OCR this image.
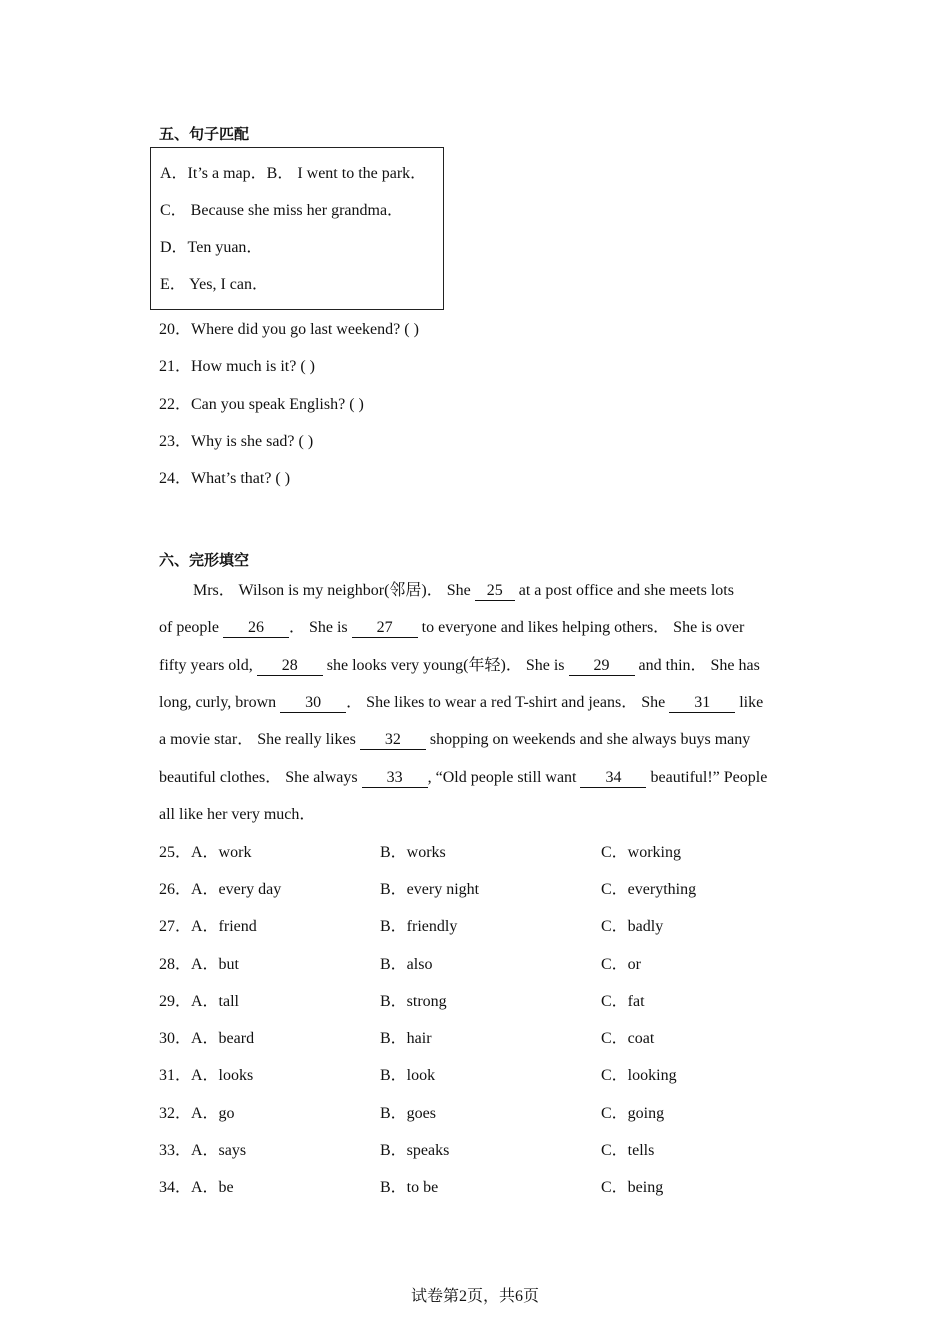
五、句子匹配
A．It’s a map．B． I went to the park．
C． Because she miss her grandma．
D．Ten yuan．
E． Yes, I can．
20．Where did you go last weekend? ( )
21．How much is it? ( )
22．Can you speak English? ( )
23．Why is she sad? ( )
24．What’s that? ( )
六、完形填空
Mrs． Wilson is my neighbor(邻居)． She 25 at a post office and she meets lots
of people 26 ． She is 27 to everyone and likes helping others． She is over
fifty years old, 28 she looks very young(年轻)． She is 29 and thin． She has
long, curly, brown 30 ． She likes to wear a red T-shirt and jeans． She 31 like
a movie star． She really likes 32 shopping on weekends and she always buys many
beautiful clothes． She always 33 , “Old people still want 34 beautiful!” People
all like her very much．
25．A．work	B．works	C．working
26．A．every day	B．every night	C．everything
27．A．friend	B．friendly	C．badly
28．A．but	B．also	C．or
29．A．tall	B．strong	C．fat
30．A．beard	B．hair	C．coat
31．A．looks	B．look	C．looking
32．A．go	B．goes	C．going
33．A．says	B．speaks	C．tells
34．A．be	B．to be	C．being
试卷第2页，共6页
